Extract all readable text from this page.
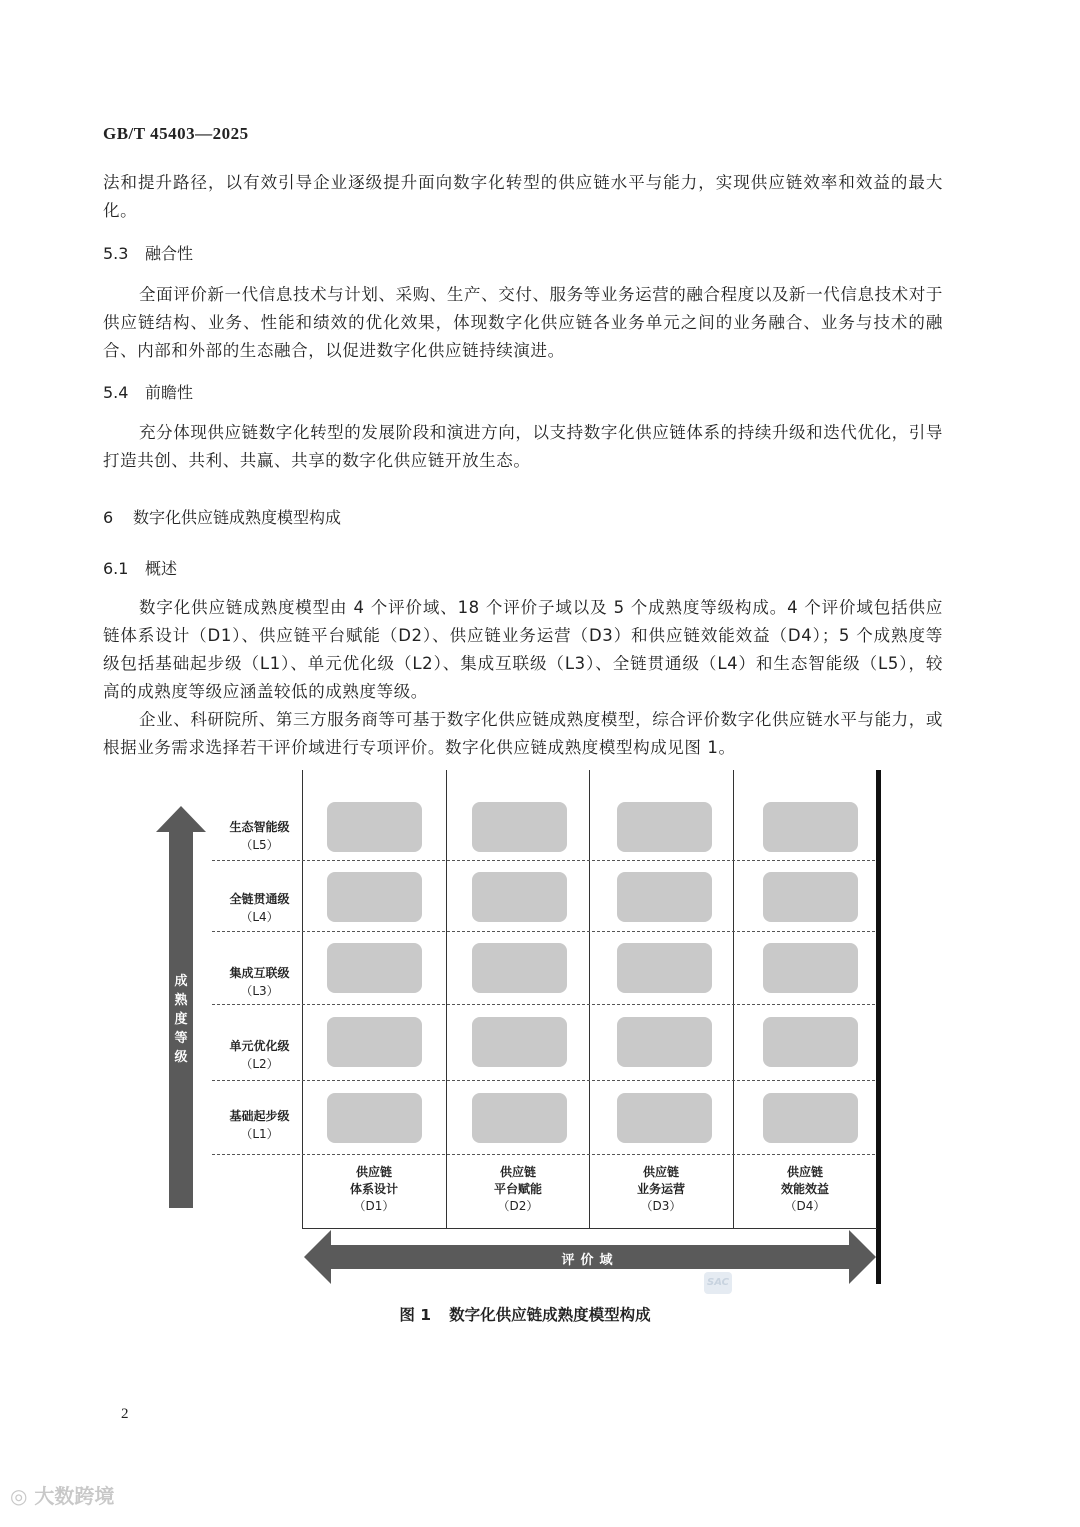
GB/T 45403—2025
法和提升路径，以有效引导企业逐级提升面向数字化转型的供应链水平与能力，实现供应链效率和效益的最大化。
5.3 融合性
全面评价新一代信息技术与计划、采购、生产、交付、服务等业务运营的融合程度以及新一代信息技术对于供应链结构、业务、性能和绩效的优化效果，体现数字化供应链各业务单元之间的业务融合、业务与技术的融合、内部和外部的生态融合，以促进数字化供应链持续演进。
5.4 前瞻性
充分体现供应链数字化转型的发展阶段和演进方向，以支持数字化供应链体系的持续升级和迭代优化，引导打造共创、共利、共赢、共享的数字化供应链开放生态。
6 数字化供应链成熟度模型构成
6.1 概述
数字化供应链成熟度模型由 4 个评价域、18 个评价子域以及 5 个成熟度等级构成。4 个评价域包括供应链体系设计（D1）、供应链平台赋能（D2）、供应链业务运营（D3）和供应链效能效益（D4）；5 个成熟度等级包括基础起步级（L1）、单元优化级（L2）、集成互联级（L3）、全链贯通级（L4）和生态智能级（L5），较高的成熟度等级应涵盖较低的成熟度等级。
企业、科研院所、第三方服务商等可基于数字化供应链成熟度模型，综合评价数字化供应链水平与能力，或根据业务需求选择若干评价域进行专项评价。数字化供应链成熟度模型构成见图 1。
成
熟
度
等
级
评价域
生态智能级
（L5）
全链贯通级
（L4）
集成互联级
（L3）
单元优化级
（L2）
基础起步级
（L1）
供应链
体系设计
（D1）
供应链
平台赋能
（D2）
供应链
业务运营
（D3）
供应链
效能效益
（D4）
SAC
图 1 数字化供应链成熟度模型构成
2
◎ 大数跨境
